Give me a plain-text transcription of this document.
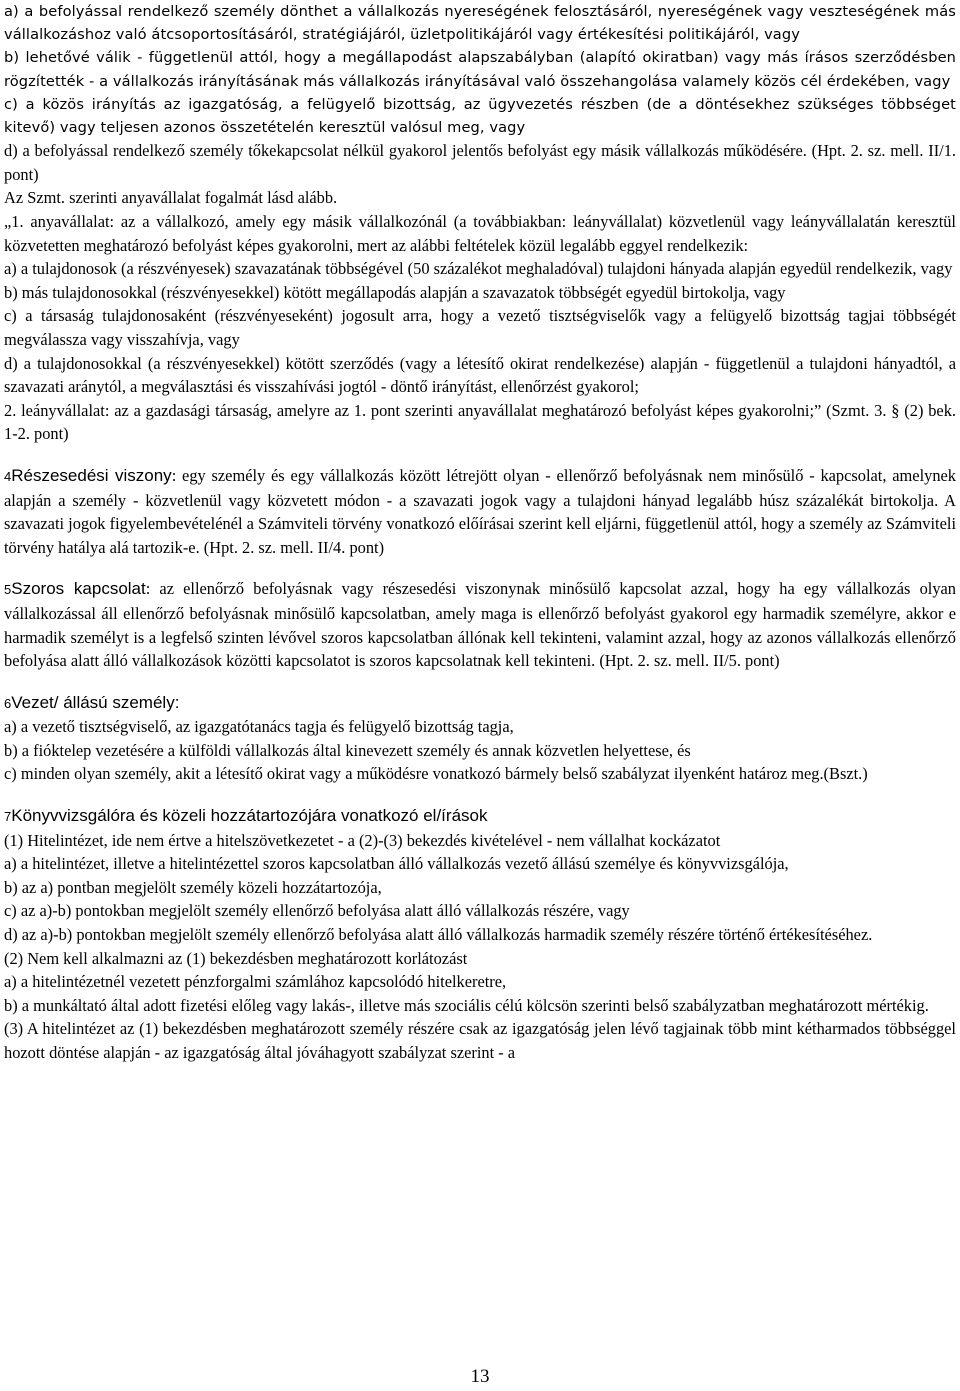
a) a befolyással rendelkező személy dönthet a vállalkozás nyereségének felosztásáról, nyereségének vagy veszteségének más vállalkozáshoz való átcsoportosításáról, stratégiájáról, üzletpolitikájáról vagy értékesítési politikájáról, vagy

b) lehetővé válik - függetlenül attól, hogy a megállapodást alapszabályban (alapító okiratban) vagy más írásos szerződésben rögzítették - a vállalkozás irányításának más vállalkozás irányításával való összehangolása valamely közös cél érdekében, vagy

c) a közös irányítás az igazgatóság, a felügyelő bizottság, az ügyvezetés részben (de a döntésekhez szükséges többséget kitevő) vagy teljesen azonos összetételén keresztül valósul meg, vagy

d) a befolyással rendelkező személy tőkekapcsolat nélkül gyakorol jelentős befolyást egy másik vállalkozás működésére. (Hpt. 2. sz. mell. II/1. pont)

Az Szmt. szerinti anyavállalat fogalmát lásd alább.

„1. anyavállalat: az a vállalkozó, amely egy másik vállalkozónál (a továbbiakban: leányvállalat) közvetlenül vagy leányvállalatán keresztül közvetetten meghatározó befolyást képes gyakorolni, mert az alábbi feltételek közül legalább eggyel rendelkezik:

a) a tulajdonosok (a részvényesek) szavazatának többségével (50 százalékot meghaladóval) tulajdoni hányada alapján egyedül rendelkezik, vagy

b) más tulajdonosokkal (részvényesekkel) kötött megállapodás alapján a szavazatok többségét egyedül birtokolja, vagy

c) a társaság tulajdonosaként (részvényeseként) jogosult arra, hogy a vezető tisztségviselők vagy a felügyelő bizottság tagjai többségét megválassza vagy visszahívja, vagy

d) a tulajdonosokkal (a részvényesekkel) kötött szerződés (vagy a létesítő okirat rendelkezése) alapján - függetlenül a tulajdoni hányadtól, a szavazati aránytól, a megválasztási és visszahívási jogtól - döntő irányítást, ellenőrzést gyakorol;

2. leányvállalat: az a gazdasági társaság, amelyre az 1. pont szerinti anyavállalat meghatározó befolyást képes gyakorolni;” (Szmt. 3. § (2) bek. 1-2. pont)

4Részesedési viszony: egy személy és egy vállalkozás között létrejött olyan - ellenőrző befolyásnak nem minősülő - kapcsolat, amelynek alapján a személy - közvetlenül vagy közvetett módon - a szavazati jogok vagy a tulajdoni hányad legalább húsz százalékát birtokolja. A szavazati jogok figyelembevételénél a Számviteli törvény vonatkozó előírásai szerint kell eljárni, függetlenül attól, hogy a személy az Számviteli törvény hatálya alá tartozik-e. (Hpt. 2. sz. mell. II/4. pont)

5Szoros kapcsolat: az ellenőrző befolyásnak vagy részesedési viszonynak minősülő kapcsolat azzal, hogy ha egy vállalkozás olyan vállalkozással áll ellenőrző befolyásnak minősülő kapcsolatban, amely maga is ellenőrző befolyást gyakorol egy harmadik személyre, akkor e harmadik személyt is a legfelső szinten lévővel szoros kapcsolatban állónak kell tekinteni, valamint azzal, hogy az azonos vállalkozás ellenőrző befolyása alatt álló vállalkozások közötti kapcsolatot is szoros kapcsolatnak kell tekinteni. (Hpt. 2. sz. mell. II/5. pont)

6Vezet/ állású személy:

a) a vezető tisztségviselő, az igazgatótanács tagja és felügyelő bizottság tagja,

b) a fióktelep vezetésére a külföldi vállalkozás által kinevezett személy és annak közvetlen helyettese, és

c) minden olyan személy, akit a létesítő okirat vagy a működésre vonatkozó bármely belső szabályzat ilyenként határoz meg.(Bszt.)

7Könyvvizsgálóra és közeli hozzátartozójára vonatkozó el/írások

(1) Hitelintézet, ide nem értve a hitelszövetkezetet - a (2)-(3) bekezdés kivételével - nem vállalhat kockázatot

a) a hitelintézet, illetve a hitelintézettel szoros kapcsolatban álló vállalkozás vezető állású személye és könyvvizsgálója,

b) az a) pontban megjelölt személy közeli hozzátartozója,

c) az a)-b) pontokban megjelölt személy ellenőrző befolyása alatt álló vállalkozás részére, vagy

d) az a)-b) pontokban megjelölt személy ellenőrző befolyása alatt álló vállalkozás harmadik személy részére történő értékesítéséhez.

(2) Nem kell alkalmazni az (1) bekezdésben meghatározott korlátozást

a) a hitelintézetnél vezetett pénzforgalmi számlához kapcsolódó hitelkeretre,

b) a munkáltató által adott fizetési előleg vagy lakás-, illetve más szociális célú kölcsön szerinti belső szabályzatban meghatározott mértékig.

(3) A hitelintézet az (1) bekezdésben meghatározott személy részére csak az igazgatóság jelen lévő tagjainak több mint kétharmados többséggel hozott döntése alapján - az igazgatóság által jóváhagyott szabályzat szerint - a

13
